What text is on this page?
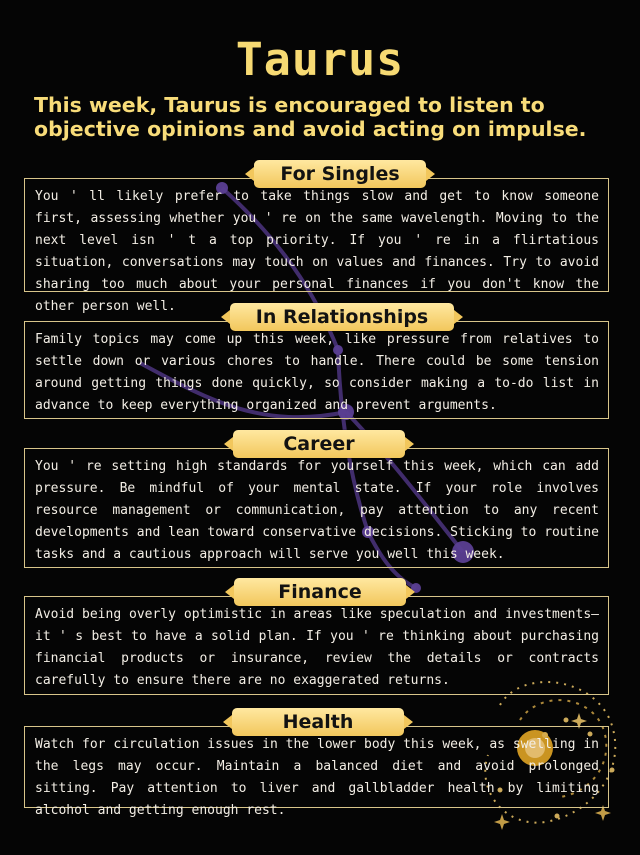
Taurus
This week, Taurus is encouraged to listen to objective opinions and avoid acting on impulse.
For Singles

You ' ll likely prefer to take things slow and get to know someone first, assessing whether you ' re on the same wavelength. Moving to the next level isn ' t a top priority. If you ' re in a flirtatious situation, conversations may touch on values and finances. Try to avoid sharing too much about your personal finances if you don't know the other person well.	In Relationships

Family topics may come up this week, like pressure from relatives to settle down or various chores to handle. There could be some tension around getting things done quickly, so consider making a to-do list in advance to keep everything organized and prevent arguments.

Career

You ' re setting high standards for yourself this week, which can add pressure. Be mindful of your mental state. If your role involves resource management or communication, pay attention to any recent developments and lean toward conservative decisions. Sticking to routine tasks and a cautious approach will serve you well this week.

Finance

Avoid being overly optimistic in areas like speculation and investments—it ' s best to have a solid plan. If you ' re thinking about purchasing financial products or insurance, review the details or contracts carefully to ensure there are no exaggerated returns.

Health

Watch for circulation issues in the lower body this week, as swelling in the legs may occur. Maintain a balanced diet and avoid prolonged sitting. Pay attention to liver and gallbladder health by limiting alcohol and getting enough rest.
